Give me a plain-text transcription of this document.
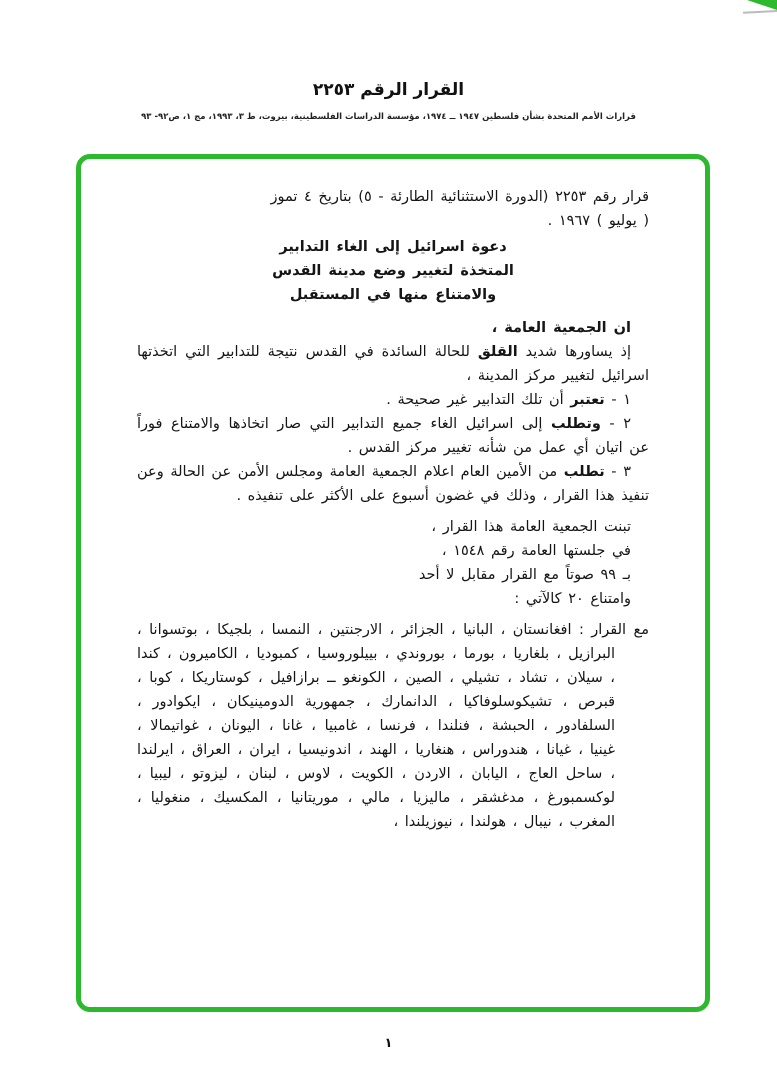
القرار الرقم ٢٢٥٣
قرارات الأمم المتحدة بشأن فلسطين ١٩٤٧ ــ ١٩٧٤، مؤسسة الدراسات الفلسطينية، بيروت، ط ٣، ١٩٩٣، مج ١، ص٩٢- ٩٣

قرار رقم ٢٢٥٣ (الدورة الاستثنائية الطارئة - ٥) بتاريخ ٤ تموز
( يوليو ) ١٩٦٧ .

دعوة اسرائيل إلى الغاء التدابير

المتخذة لتغيير وضع مدينة القدس

والامتناع منها في المستقبل

ان الجمعية العامة ،

إذ يساورها شديد القلق للحالة السائدة في القدس نتيجة للتدابير التي اتخذتها اسرائيل لتغيير مركز المدينة ،

١ - تعتبر أن تلك التدابير غير صحيحة .

٢ - وتطلب إلى اسرائيل الغاء جميع التدابير التي صار اتخاذها والامتناع فوراً عن اتيان أي عمل من شأنه تغيير مركز القدس .

٣ - تطلب من الأمين العام اعلام الجمعية العامة ومجلس الأمن عن الحالة وعن تنفيذ هذا القرار ، وذلك في غضون أسبوع على الأكثر على تنفيذه .

تبنت الجمعية العامة هذا القرار ،
في جلستها العامة رقم ١٥٤٨ ،
بـ ٩٩ صوتاً مع القرار مقابل لا أحد
وامتناع ٢٠ كالآتي :

مع القرار : افغانستان ، البانيا ، الجزائر ، الارجنتين ، النمسا ، بلجيكا ، بوتسوانا ، البرازيل ، بلغاريا ، بورما ، بوروندي ، بييلوروسيا ، كمبوديا ، الكاميرون ، كندا ، سيلان ، تشاد ، تشيلي ، الصين ، الكونغو ــ برازافيل ، كوستاريكا ، كوبا ، قبرص ، تشيكوسلوفاكيا ، الدانمارك ، جمهورية الدومينيكان ، ايكوادور ، السلفادور ، الحبشة ، فنلندا ، فرنسا ، غامبيا ، غانا ، اليونان ، غواتيمالا ، غينيا ، غيانا ، هندوراس ، هنغاريا ، الهند ، اندونيسيا ، ايران ، العراق ، ايرلندا ، ساحل العاج ، اليابان ، الاردن ، الكويت ، لاوس ، لبنان ، ليزوتو ، ليبيا ، لوكسمبورغ ، مدغشقر ، ماليزيا ، مالي ، موريتانيا ، المكسيك ، منغوليا ، المغرب ، نيبال ، هولندا ، نيوزيلندا ،

١
